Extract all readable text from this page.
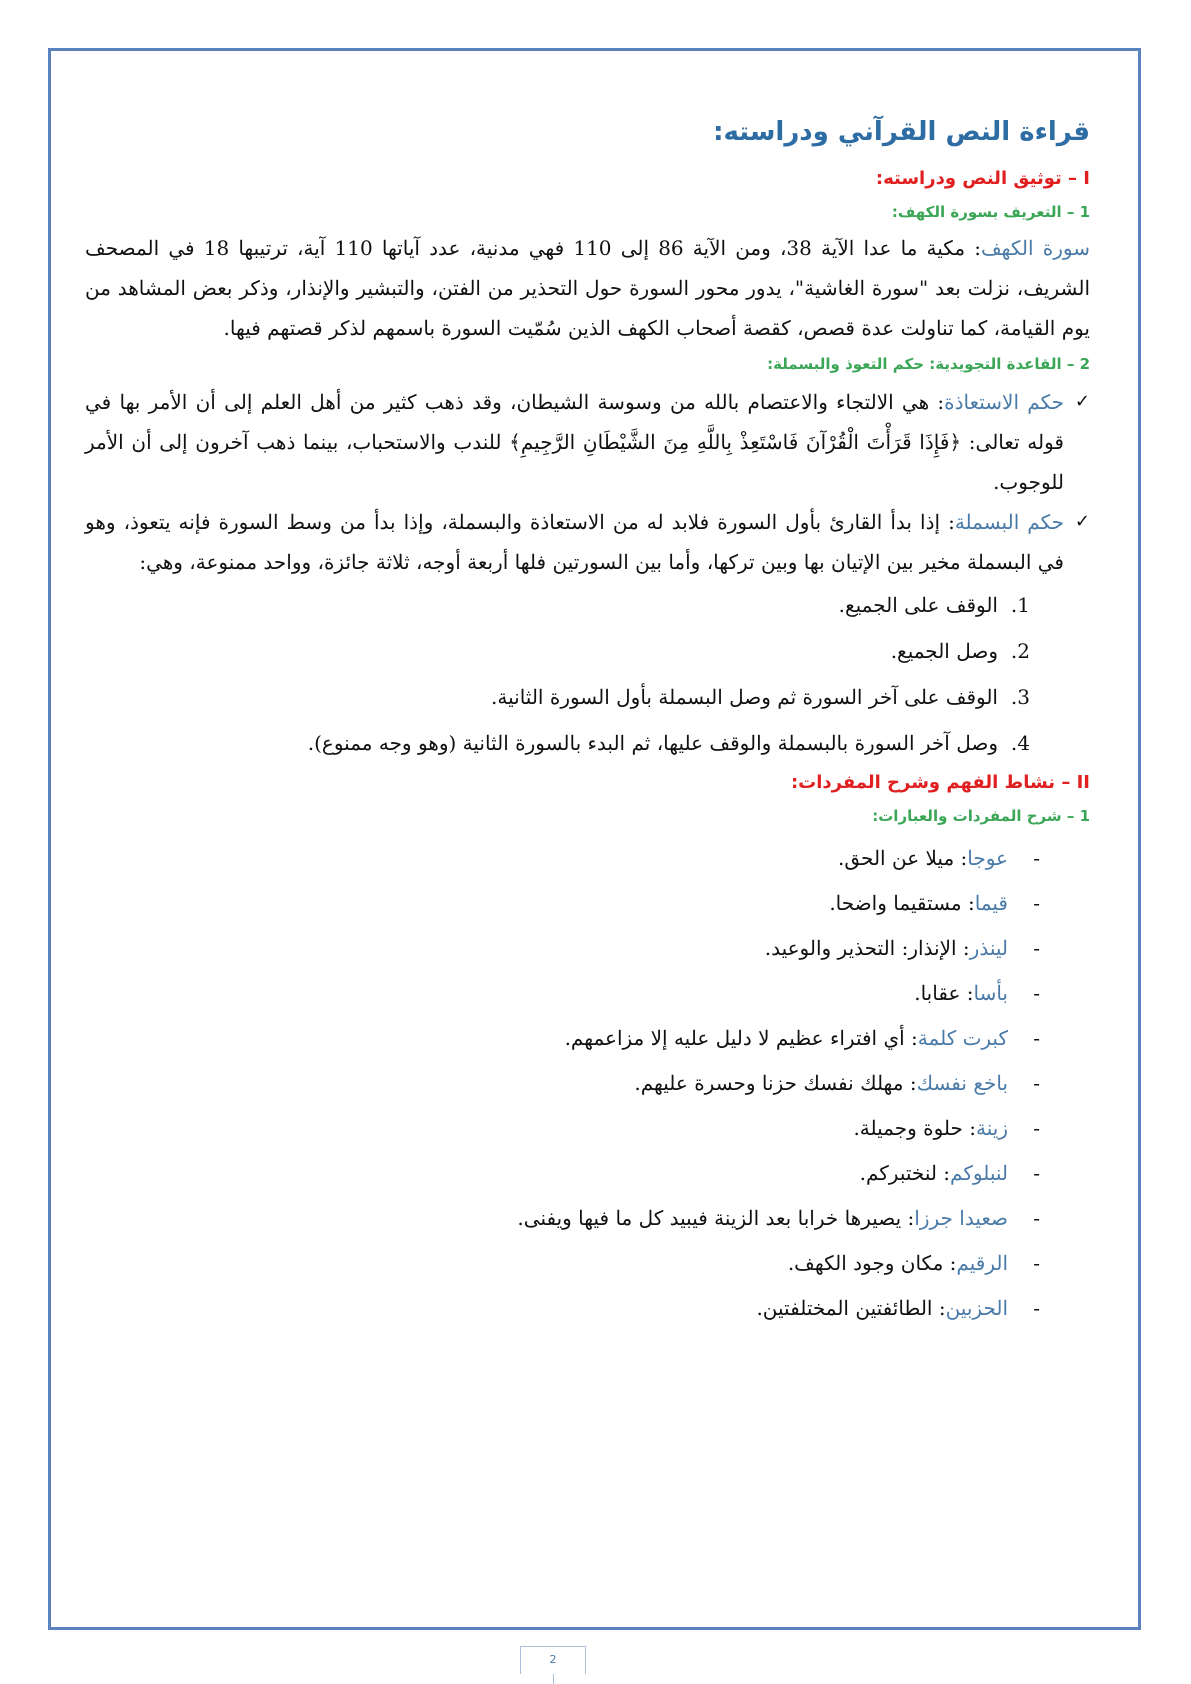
قراءة النص القرآني ودراسته:
I – توثيق النص ودراسته:
1 – التعريف بسورة الكهف:

سورة الكهف: مكية ما عدا الآية 38، ومن الآية 86 إلى 110 فهي مدنية، عدد آياتها 110 آية، ترتيبها 18 في المصحف الشريف، نزلت بعد "سورة الغاشية"، يدور محور السورة حول التحذير من الفتن، والتبشير والإنذار، وذكر بعض المشاهد من يوم القيامة، كما تناولت عدة قصص، كقصة أصحاب الكهف الذين سُمّيت السورة باسمهم لذكر قصتهم فيها.

2 – القاعدة التجويدية: حكم التعوذ والبسملة:
✓
حكم الاستعاذة: هي الالتجاء والاعتصام بالله من وسوسة الشيطان، وقد ذهب كثير من أهل العلم إلى أن الأمر بها في قوله تعالى: ﴿فَإِذَا قَرَأْتَ الْقُرْآنَ فَاسْتَعِذْ بِاللَّهِ مِنَ الشَّيْطَانِ الرَّجِيمِ﴾ للندب والاستحباب، بينما ذهب آخرون إلى أن الأمر للوجوب.
✓
حكم البسملة: إذا بدأ القارئ بأول السورة فلابد له من الاستعاذة والبسملة، وإذا بدأ من وسط السورة فإنه يتعوذ، وهو في البسملة مخير بين الإتيان بها وبين تركها، وأما بين السورتين فلها أربعة أوجه، ثلاثة جائزة، وواحد ممنوعة، وهي:
1.الوقف على الجميع.
2.وصل الجميع.
3.الوقف على آخر السورة ثم وصل البسملة بأول السورة الثانية.
4.وصل آخر السورة بالبسملة والوقف عليها، ثم البدء بالسورة الثانية (وهو وجه ممنوع).
II – نشاط الفهم وشرح المفردات:
1 – شرح المفردات والعبارات:
-عوجا: ميلا عن الحق.
-قيما: مستقيما واضحا.
-لينذر: الإنذار: التحذير والوعيد.
-بأسا: عقابا.
-كبرت كلمة: أي افتراء عظيم لا دليل عليه إلا مزاعمهم.
-باخع نفسك: مهلك نفسك حزنا وحسرة عليهم.
-زينة: حلوة وجميلة.
-لنبلوكم: لنختبركم.
-صعيدا جرزا: يصيرها خرابا بعد الزينة فيبيد كل ما فيها ويفنى.
-الرقيم: مكان وجود الكهف.
-الحزبين: الطائفتين المختلفتين.
2
